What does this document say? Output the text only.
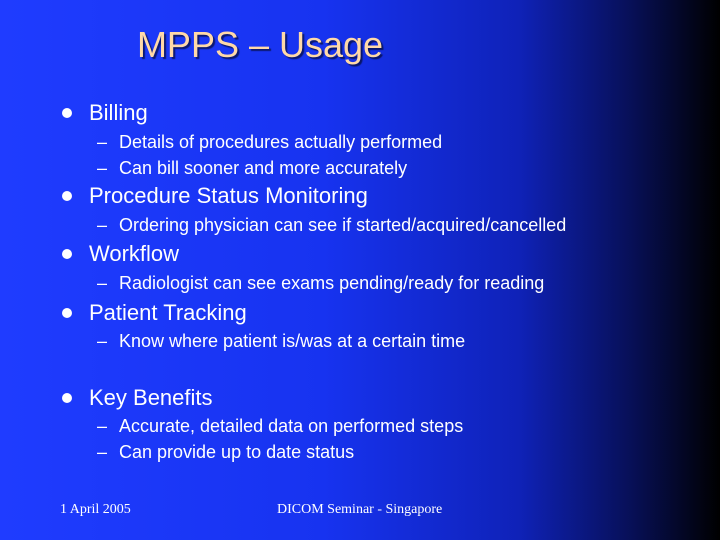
MPPS – Usage
Billing
– Details of procedures actually performed
– Can bill sooner and more accurately
Procedure Status Monitoring
– Ordering physician can see if started/acquired/cancelled
Workflow
– Radiologist can see exams pending/ready for reading
Patient Tracking
– Know where patient is/was at a certain time
Key Benefits
– Accurate, detailed data on performed steps
– Can provide up to date status
1 April 2005	DICOM Seminar - Singapore
